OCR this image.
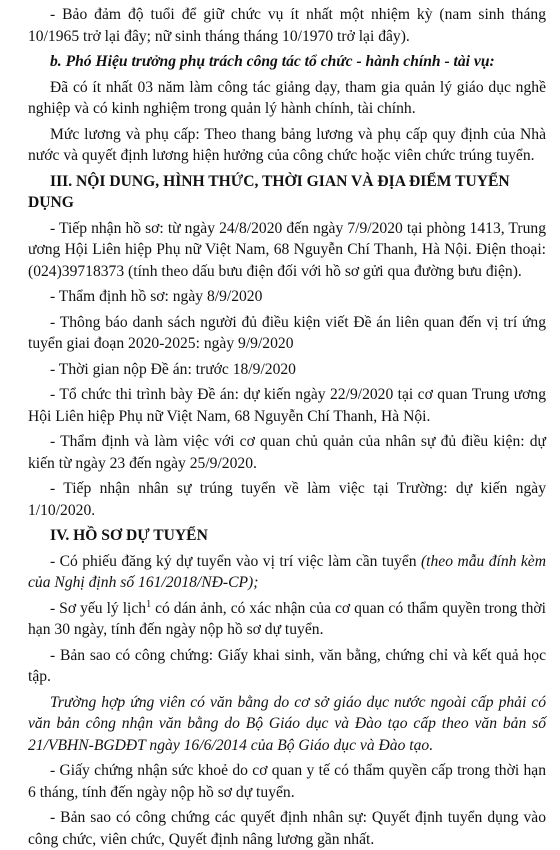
- Bảo đảm độ tuổi để giữ chức vụ ít nhất một nhiệm kỳ (nam sinh tháng 10/1965 trở lại đây; nữ sinh tháng tháng 10/1970 trở lại đây).

b. Phó Hiệu trưởng phụ trách công tác tổ chức - hành chính - tài vụ:

Đã có ít nhất 03 năm làm công tác giảng dạy, tham gia quản lý giáo dục nghề nghiệp và có kinh nghiệm trong quản lý hành chính, tài chính.

Mức lương và phụ cấp: Theo thang bảng lương và phụ cấp quy định của Nhà nước và quyết định lương hiện hưởng của công chức hoặc viên chức trúng tuyển.

III. NỘI DUNG, HÌNH THỨC, THỜI GIAN VÀ ĐỊA ĐIỂM TUYỂN DỤNG

- Tiếp nhận hồ sơ: từ ngày 24/8/2020 đến ngày 7/9/2020 tại phòng 1413, Trung ương Hội Liên hiệp Phụ nữ Việt Nam, 68 Nguyễn Chí Thanh, Hà Nội. Điện thoại: (024)39718373 (tính theo dấu bưu điện đối với hồ sơ gửi qua đường bưu điện).

- Thẩm định hồ sơ: ngày 8/9/2020

- Thông báo danh sách người đủ điều kiện viết Đề án liên quan đến vị trí ứng tuyển giai đoạn 2020-2025: ngày 9/9/2020

- Thời gian nộp Đề án: trước 18/9/2020

- Tổ chức thi trình bày Đề án: dự kiến ngày 22/9/2020 tại cơ quan Trung ương Hội Liên hiệp Phụ nữ Việt Nam, 68 Nguyễn Chí Thanh, Hà Nội.

- Thẩm định và làm việc với cơ quan chủ quản của nhân sự đủ điều kiện: dự kiến từ ngày 23 đến ngày 25/9/2020.

- Tiếp nhận nhân sự trúng tuyển về làm việc tại Trường: dự kiến ngày 1/10/2020.

IV. HỒ SƠ DỰ TUYỂN

- Có phiếu đăng ký dự tuyển vào vị trí việc làm cần tuyển (theo mẫu đính kèm của Nghị định số 161/2018/NĐ-CP);

- Sơ yếu lý lịch$^1$ có dán ảnh, có xác nhận của cơ quan có thẩm quyền trong thời hạn 30 ngày, tính đến ngày nộp hồ sơ dự tuyển.

- Bản sao có công chứng: Giấy khai sinh, văn bằng, chứng chỉ và kết quả học tập.

Trường hợp ứng viên có văn bằng do cơ sở giáo dục nước ngoài cấp phải có văn bản công nhận văn bằng do Bộ Giáo dục và Đào tạo cấp theo văn bản số 21/VBHN-BGDĐT ngày 16/6/2014 của Bộ Giáo dục và Đào tạo.

- Giấy chứng nhận sức khoẻ do cơ quan y tế có thẩm quyền cấp trong thời hạn 6 tháng, tính đến ngày nộp hồ sơ dự tuyển.

- Bản sao có công chứng các quyết định nhân sự: Quyết định tuyển dụng vào công chức, viên chức, Quyết định nâng lương gần nhất.
